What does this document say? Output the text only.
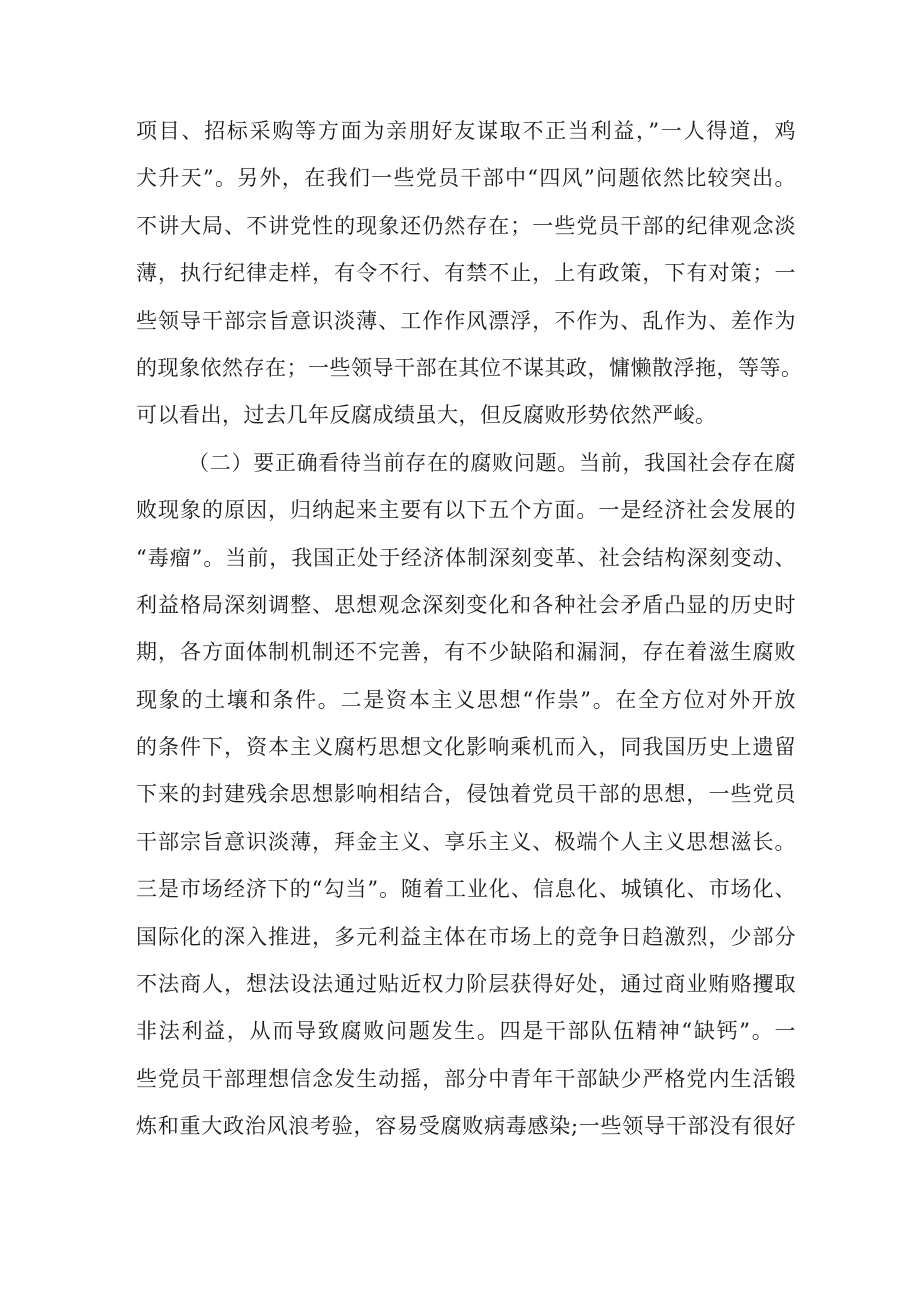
项目、招标采购等方面为亲朋好友谋取不正当利益，”一人得道，鸡
犬升天”。另外，在我们一些党员干部中“四风”问题依然比较突出。
不讲大局、不讲党性的现象还仍然存在；一些党员干部的纪律观念淡
薄，执行纪律走样，有令不行、有禁不止，上有政策，下有对策；一
些领导干部宗旨意识淡薄、工作作风漂浮，不作为、乱作为、差作为
的现象依然存在；一些领导干部在其位不谋其政，慵懒散浮拖，等等。
可以看出，过去几年反腐成绩虽大，但反腐败形势依然严峻。
（二）要正确看待当前存在的腐败问题。当前，我国社会存在腐
败现象的原因，归纳起来主要有以下五个方面。一是经济社会发展的
“毒瘤”。当前，我国正处于经济体制深刻变革、社会结构深刻变动、
利益格局深刻调整、思想观念深刻变化和各种社会矛盾凸显的历史时
期，各方面体制机制还不完善，有不少缺陷和漏洞，存在着滋生腐败
现象的土壤和条件。二是资本主义思想“作祟”。在全方位对外开放
的条件下，资本主义腐朽思想文化影响乘机而入，同我国历史上遗留
下来的封建残余思想影响相结合，侵蚀着党员干部的思想，一些党员
干部宗旨意识淡薄，拜金主义、享乐主义、极端个人主义思想滋长。
三是市场经济下的“勾当”。随着工业化、信息化、城镇化、市场化、
国际化的深入推进，多元利益主体在市场上的竞争日趋激烈，少部分
不法商人，想法设法通过贴近权力阶层获得好处，通过商业贿赂攫取
非法利益，从而导致腐败问题发生。四是干部队伍精神“缺钙”。一
些党员干部理想信念发生动摇，部分中青年干部缺少严格党内生活锻
炼和重大政治风浪考验，容易受腐败病毒感染;一些领导干部没有很好
